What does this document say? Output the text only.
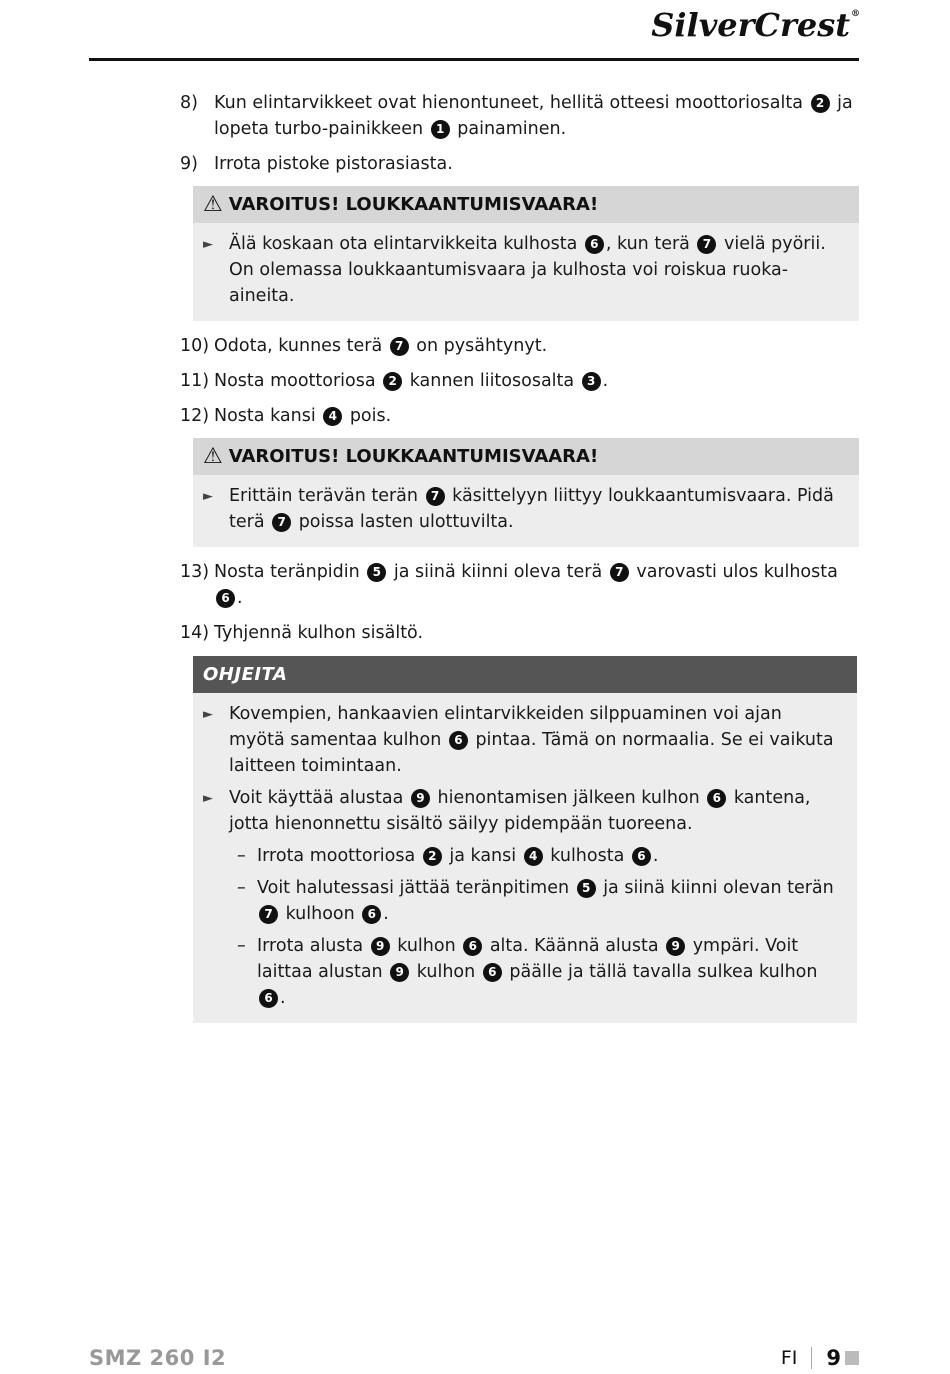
SilverCrest®
8) Kun elintarvikkeet ovat hienontuneet, hellitä otteesi moottoriosalta 2 ja lopeta turbo-painikkeen 1 painaminen.
9) Irrota pistoke pistorasiasta.
⚠ VAROITUS! LOUKKAANTUMISVAARA!
► Älä koskaan ota elintarvikkeita kulhosta 6 , kun terä 7 vielä pyörii.
On olemassa loukkaantumisvaara ja kulhosta voi roiskua ruoka-aineita.
10) Odota, kunnes terä 7 on pysähtynyt.
11) Nosta moottoriosa 2 kannen liitososalta 3 .
12) Nosta kansi 4 pois.
⚠ VAROITUS! LOUKKAANTUMISVAARA!
► Erittäin terävän terän 7 käsittelyyn liittyy loukkaantumisvaara. Pidä terä 7 poissa lasten ulottuvilta.
13) Nosta teränpidin 5 ja siinä kiinni oleva terä 7 varovasti ulos kulhosta 6 .
14) Tyhjennä kulhon sisältö.
OHJEITA
► Kovempien, hankaavien elintarvikkeiden silppuaminen voi ajan myötä samentaa kulhon 6 pintaa. Tämä on normaalia. Se ei vaikuta laitteen toimintaan.
► Voit käyttää alustaa 9 hienontamisen jälkeen kulhon 6 kantena, jotta hienonnettu sisältö säilyy pidempään tuoreena.
– Irrota moottoriosa 2 ja kansi 4 kulhosta 6 .
– Voit halutessasi jättää teränpitimen 5 ja siinä kiinni olevan terän 7 kulhoon 6 .
– Irrota alusta 9 kulhon 6 alta. Käännä alusta 9 ympäri. Voit laittaa alustan 9 kulhon 6 päälle ja tällä tavalla sulkea kulhon 6 .
SMZ 260 I2	FI 9
